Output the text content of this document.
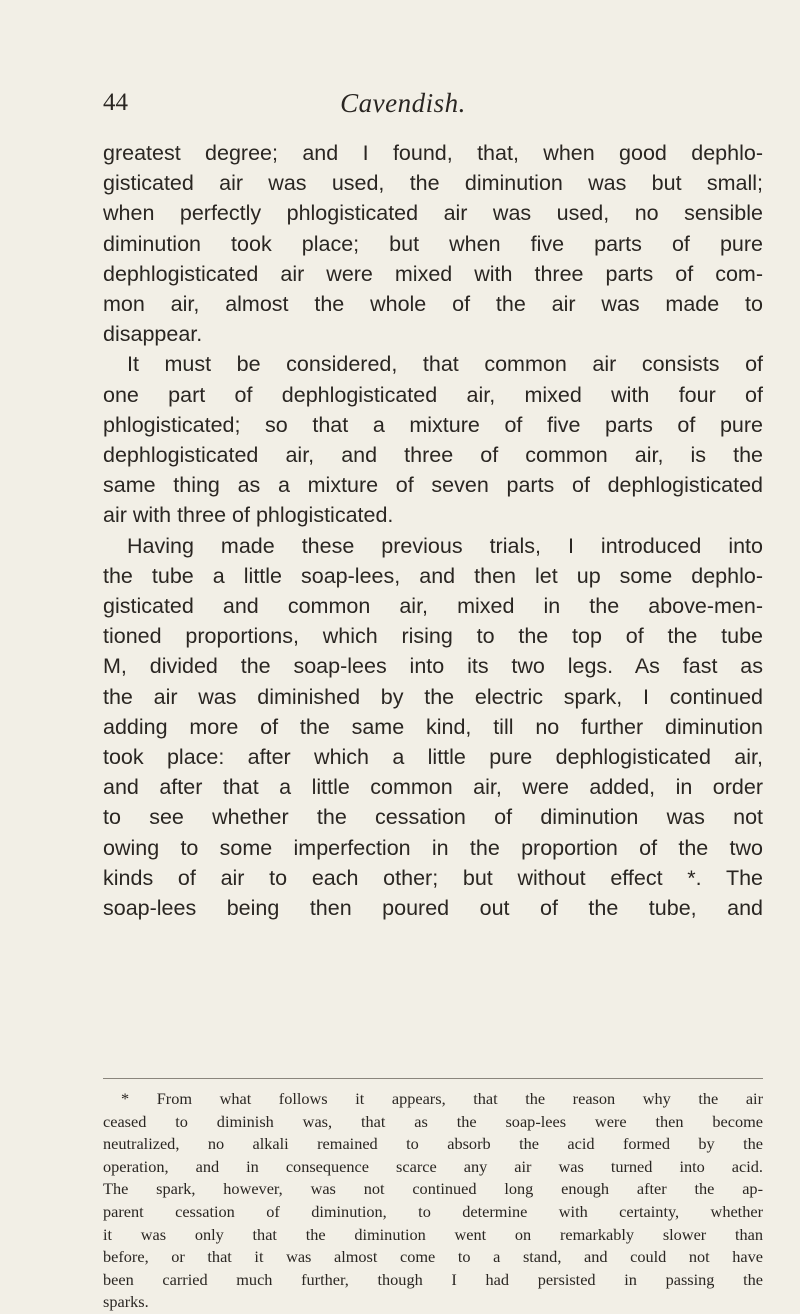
44	Cavendish.
greatest degree; and I found, that, when good dephlo-
gisticated air was used, the diminution was but small;
when perfectly phlogisticated air was used, no sensible
diminution took place; but when five parts of pure
dephlogisticated air were mixed with three parts of com-
mon air, almost the whole of the air was made to
disappear.
It must be considered, that common air consists of
one part of dephlogisticated air, mixed with four of
phlogisticated; so that a mixture of five parts of pure
dephlogisticated air, and three of common air, is the
same thing as a mixture of seven parts of dephlogisticated
air with three of phlogisticated.
Having made these previous trials, I introduced into
the tube a little soap-lees, and then let up some dephlo-
gisticated and common air, mixed in the above-men-
tioned proportions, which rising to the top of the tube
M, divided the soap-lees into its two legs. As fast as
the air was diminished by the electric spark, I continued
adding more of the same kind, till no further diminution
took place: after which a little pure dephlogisticated air,
and after that a little common air, were added, in order
to see whether the cessation of diminution was not
owing to some imperfection in the proportion of the two
kinds of air to each other; but without effect *. The
soap-lees being then poured out of the tube, and
* From what follows it appears, that the reason why the air
ceased to diminish was, that as the soap-lees were then become
neutralized, no alkali remained to absorb the acid formed by the
operation, and in consequence scarce any air was turned into acid.
The spark, however, was not continued long enough after the ap-
parent cessation of diminution, to determine with certainty, whether
it was only that the diminution went on remarkably slower than
before, or that it was almost come to a stand, and could not have
been carried much further, though I had persisted in passing the
sparks.
